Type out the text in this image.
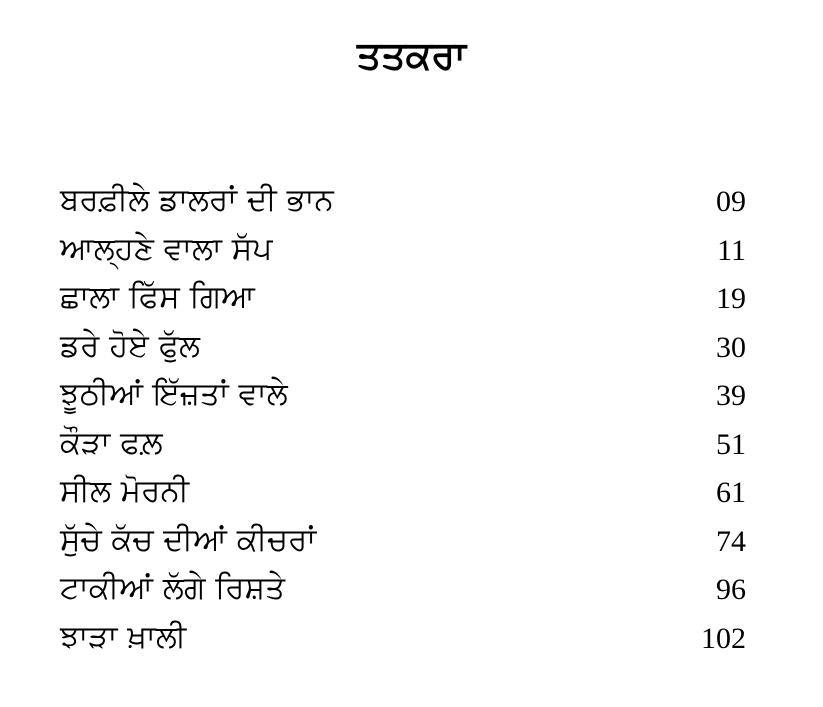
ਤਤਕਰਾ
ਬਰਫ਼ੀਲੇ ਡਾਲਰਾਂ ਦੀ ਭਾਨ	09
ਆਲ੍ਹਣੇ ਵਾਲਾ ਸੱਪ	11
ਛਾਲਾ ਫਿੱਸ ਗਿਆ	19
ਡਰੇ ਹੋਏ ਫੁੱਲ	30
ਝੂਠੀਆਂ ਇੱਜ਼ਤਾਂ ਵਾਲੇ	39
ਕੌੜਾ ਫਲ਼	51
ਸੀਲ ਮੋਰਨੀ	61
ਸੁੱਚੇ ਕੱਚ ਦੀਆਂ ਕੀਚਰਾਂ	74
ਟਾਕੀਆਂ ਲੱਗੇ ਰਿਸ਼ਤੇ	96
ਝਾੜਾ ਖ਼ਾਲੀ	102
